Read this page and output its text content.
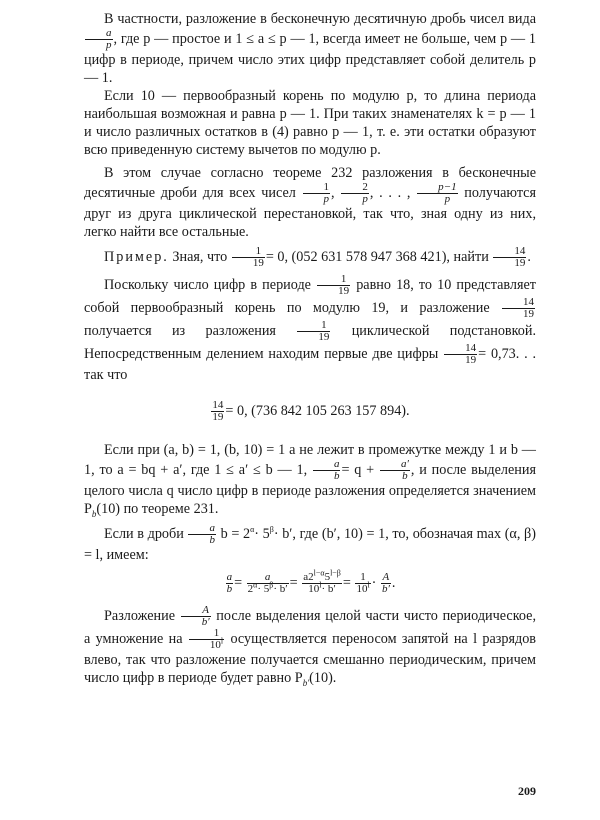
В частности, разложение в бесконечную десятичную дробь чисел вида
$\frac{a}{p}$ , где p — простое и 1 ≤ a ≤ p — 1, всегда имеет не больше, чем p — 1 цифр в периоде, причем число этих цифр представляет собой делитель p — 1.

Если 10 — первообразный корень по модулю p, то длина периода наибольшая возможная и равна p — 1. При таких знаменателях k = p — 1 и число различных остатков в (4) равно p — 1, т. е. эти остатки образуют всю приведенную систему вычетов по модулю p.

В этом случае согласно теореме 232 разложения в бесконечные десятичные дроби для всех чисел $\frac{1}{p}$ , $\frac{2}{p}$ , . . . , $\frac{p-1}{p}$ получаются друг из друга циклической перестановкой, так что, зная одну из них, легко найти все остальные.

Пример. Зная, что $\frac{1}{19} = 0$, (052 631 578 947 368 421), найти $\frac{14}{19}$ .

Поскольку число цифр в периоде $\frac{1}{19}$ равно 18, то 10 представляет собой первообразный корень по модулю 19, и разложение $\frac{14}{19}$
получается из разложения $\frac{1}{19}$ циклической подстановкой. Непосредственным делением находим первые две цифры $\frac{14}{19} = 0,73$. . . так что

$\frac{14}{19} = 0$, (736 842 105 263 157 894).

Если при (a, b) = 1, (b, 10) = 1 a не лежит в промежутке между 1 и b — 1, то a = bq + a′, где 1 ≤ a′ ≤ b — 1, $\frac{a}{b} = q + \frac{a'}{b}$ , и после выделения целого числа q число цифр в периоде разложения определяется значением $P_b(10)$ по теореме 231.

Если в дроби $\frac{a}{b}$ $b = 2^\alpha\cdot 5^\beta\cdot b'$, где (b′, 10) = 1, то, обозначая max (α, β) = l, имеем:

$\frac{a}{b} = \frac{a}{2^\alpha\cdot 5^\beta\cdot b'} = \frac{a2^{l-\alpha}5^{l-\beta}}{10^l\cdot b'} = \frac{1}{10^l} \cdot \frac{A}{b'}$ .

Разложение $\frac{A}{b'}$ после выделения целой части чисто периодическое, а умножение на $\frac{1}{10^l}$ осуществляется переносом запятой на l разрядов влево, так что разложение получается смешанно периодическим, причем число цифр в периоде будет равно $P_{b'}(10)$.

209
